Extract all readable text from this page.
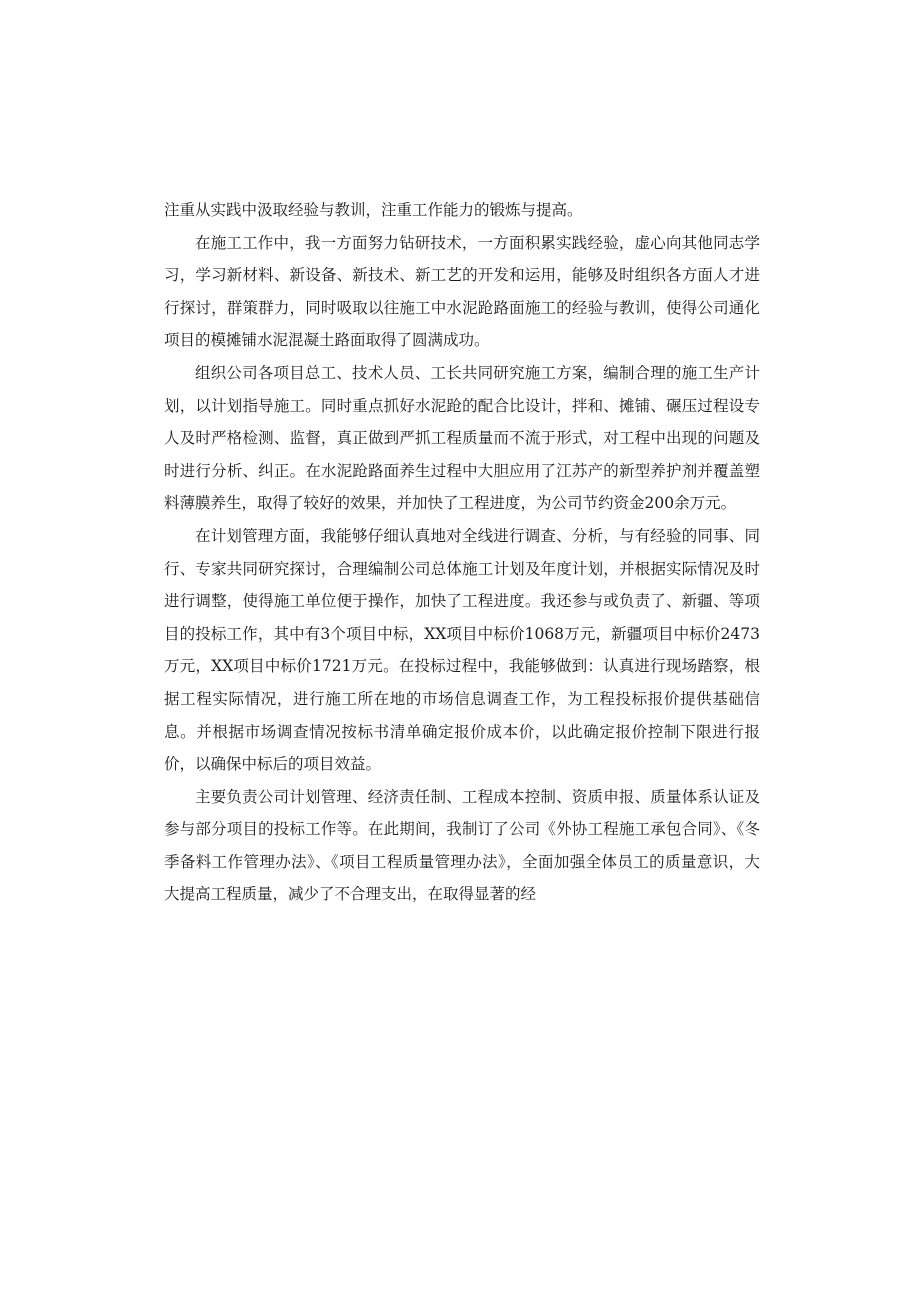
注重从实践中汲取经验与教训，注重工作能力的锻炼与提高。

在施工工作中，我一方面努力钻研技术，一方面积累实践经验，虚心向其他同志学习，学习新材料、新设备、新技术、新工艺的开发和运用，能够及时组织各方面人才进行探讨，群策群力，同时吸取以往施工中水泥跄路面施工的经验与教训，使得公司通化项目的模摊铺水泥混凝土路面取得了圆满成功。

组织公司各项目总工、技术人员、工长共同研究施工方案，编制合理的施工生产计划，以计划指导施工。同时重点抓好水泥跄的配合比设计，拌和、摊铺、碾压过程设专人及时严格检测、监督，真正做到严抓工程质量而不流于形式，对工程中出现的问题及时进行分析、纠正。在水泥跄路面养生过程中大胆应用了江苏产的新型养护剂并覆盖塑料薄膜养生，取得了较好的效果，并加快了工程进度，为公司节约资金200余万元。

在计划管理方面，我能够仔细认真地对全线进行调查、分析，与有经验的同事、同行、专家共同研究探讨，合理编制公司总体施工计划及年度计划，并根据实际情况及时进行调整，使得施工单位便于操作，加快了工程进度。我还参与或负责了、新疆、等项目的投标工作，其中有3个项目中标，XX项目中标价1068万元，新疆项目中标价2473万元，XX项目中标价1721万元。在投标过程中，我能够做到：认真进行现场踏察，根据工程实际情况，进行施工所在地的市场信息调查工作，为工程投标报价提供基础信息。并根据市场调查情况按标书清单确定报价成本价，以此确定报价控制下限进行报价，以确保中标后的项目效益。

主要负责公司计划管理、经济责任制、工程成本控制、资质申报、质量体系认证及参与部分项目的投标工作等。在此期间，我制订了公司《外协工程施工承包合同》、《冬季备料工作管理办法》、《项目工程质量管理办法》，全面加强全体员工的质量意识，大大提高工程质量，减少了不合理支出，在取得显著的经
